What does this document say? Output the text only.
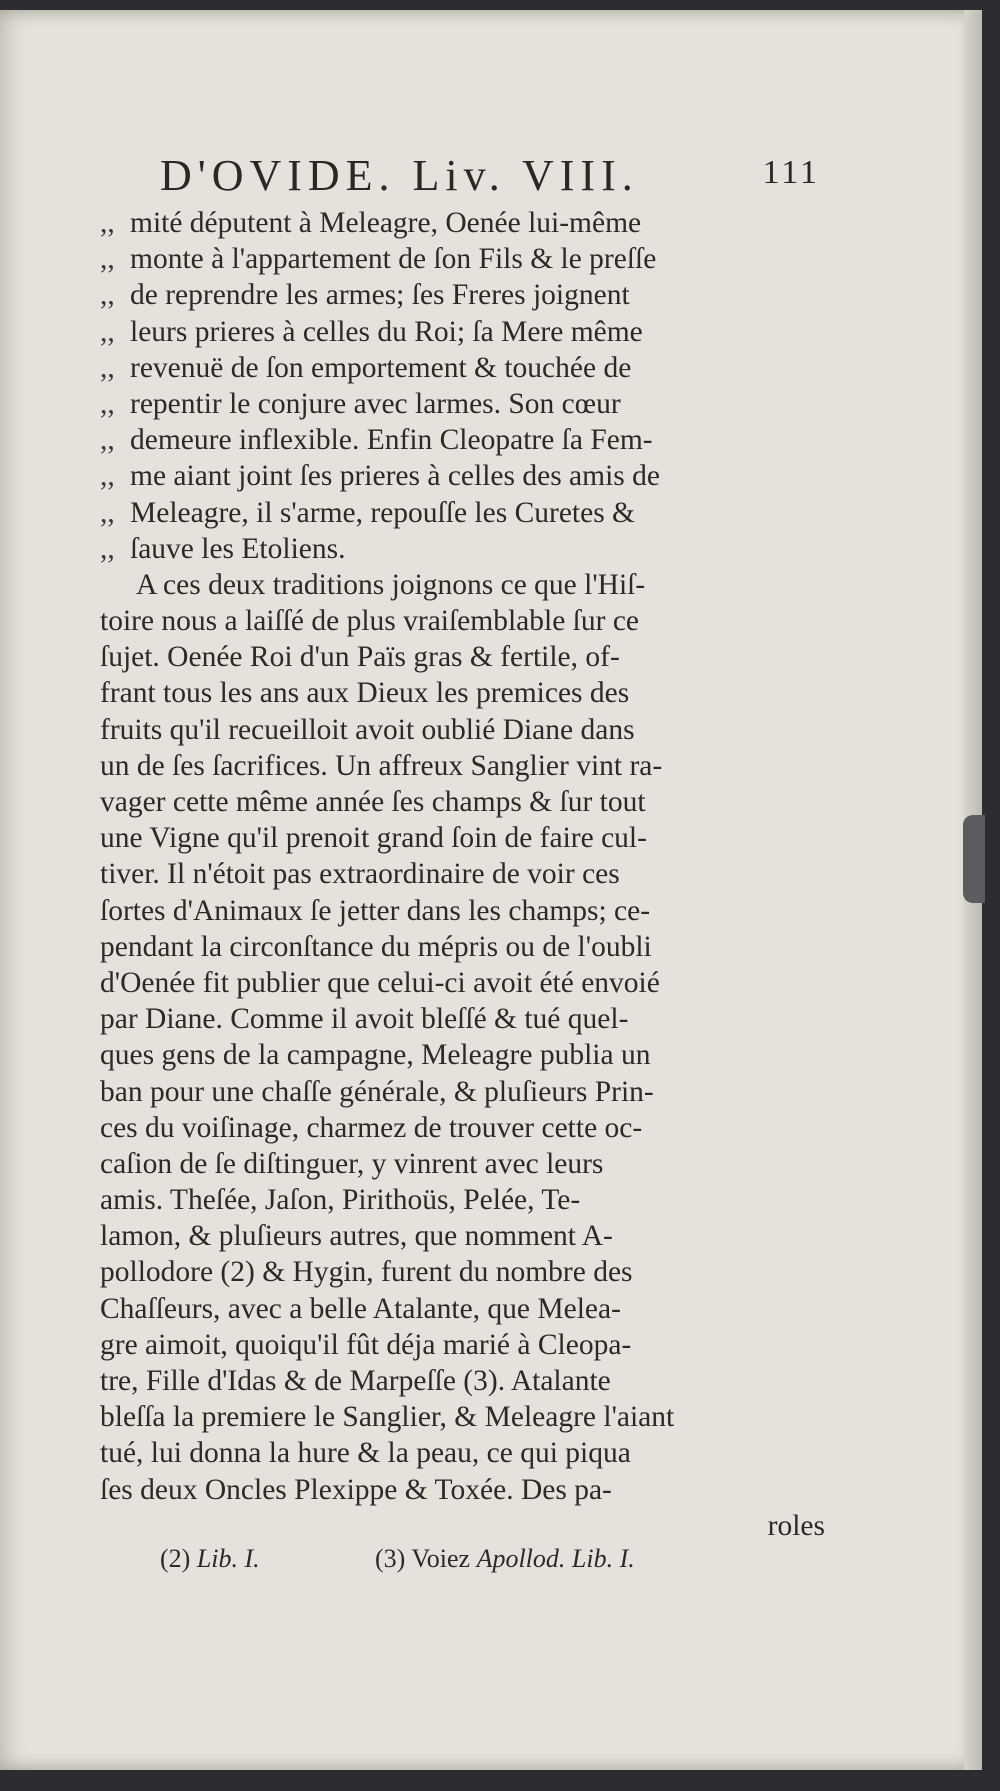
D'OVIDE. Liv. VIII.	111
,, mité députent à Meleagre, Oenée lui-même
,, monte à l'appartement de ſon Fils & le preſſe
,, de reprendre les armes; ſes Freres joignent
,, leurs prieres à celles du Roi; ſa Mere même
,, revenuë de ſon emportement & touchée de
,, repentir le conjure avec larmes. Son cœur
,, demeure inflexible. Enfin Cleopatre ſa Fem-
,, me aiant joint ſes prieres à celles des amis de
,, Meleagre, il s'arme, repouſſe les Curetes &
,, ſauve les Etoliens.
A ces deux traditions joignons ce que l'Hiſ-
toire nous a laiſſé de plus vraiſemblable ſur ce
ſujet. Oenée Roi d'un Païs gras & fertile, of-
frant tous les ans aux Dieux les premices des
fruits qu'il recueilloit avoit oublié Diane dans
un de ſes ſacrifices. Un affreux Sanglier vint ra-
vager cette même année ſes champs & ſur tout
une Vigne qu'il prenoit grand ſoin de faire cul-
tiver. Il n'étoit pas extraordinaire de voir ces
ſortes d'Animaux ſe jetter dans les champs; ce-
pendant la circonſtance du mépris ou de l'oubli
d'Oenée fit publier que celui-ci avoit été envoié
par Diane. Comme il avoit bleſſé & tué quel-
ques gens de la campagne, Meleagre publia un
ban pour une chaſſe générale, & pluſieurs Prin-
ces du voiſinage, charmez de trouver cette oc-
caſion de ſe diſtinguer, y vinrent avec leurs
amis. Theſée, Jaſon, Pirithoüs, Pelée, Te-
lamon, & pluſieurs autres, que nomment A-
pollodore (2) & Hygin, furent du nombre des
Chaſſeurs, avec a belle Atalante, que Melea-
gre aimoit, quoiqu'il fût déja marié à Cleopa-
tre, Fille d'Idas & de Marpeſſe (3). Atalante
bleſſa la premiere le Sanglier, & Meleagre l'aiant
tué, lui donna la hure & la peau, ce qui piqua
ſes deux Oncles Plexippe & Toxée. Des pa-
roles
(2) Lib. I.	(3) Voiez Apollod. Lib. I.
